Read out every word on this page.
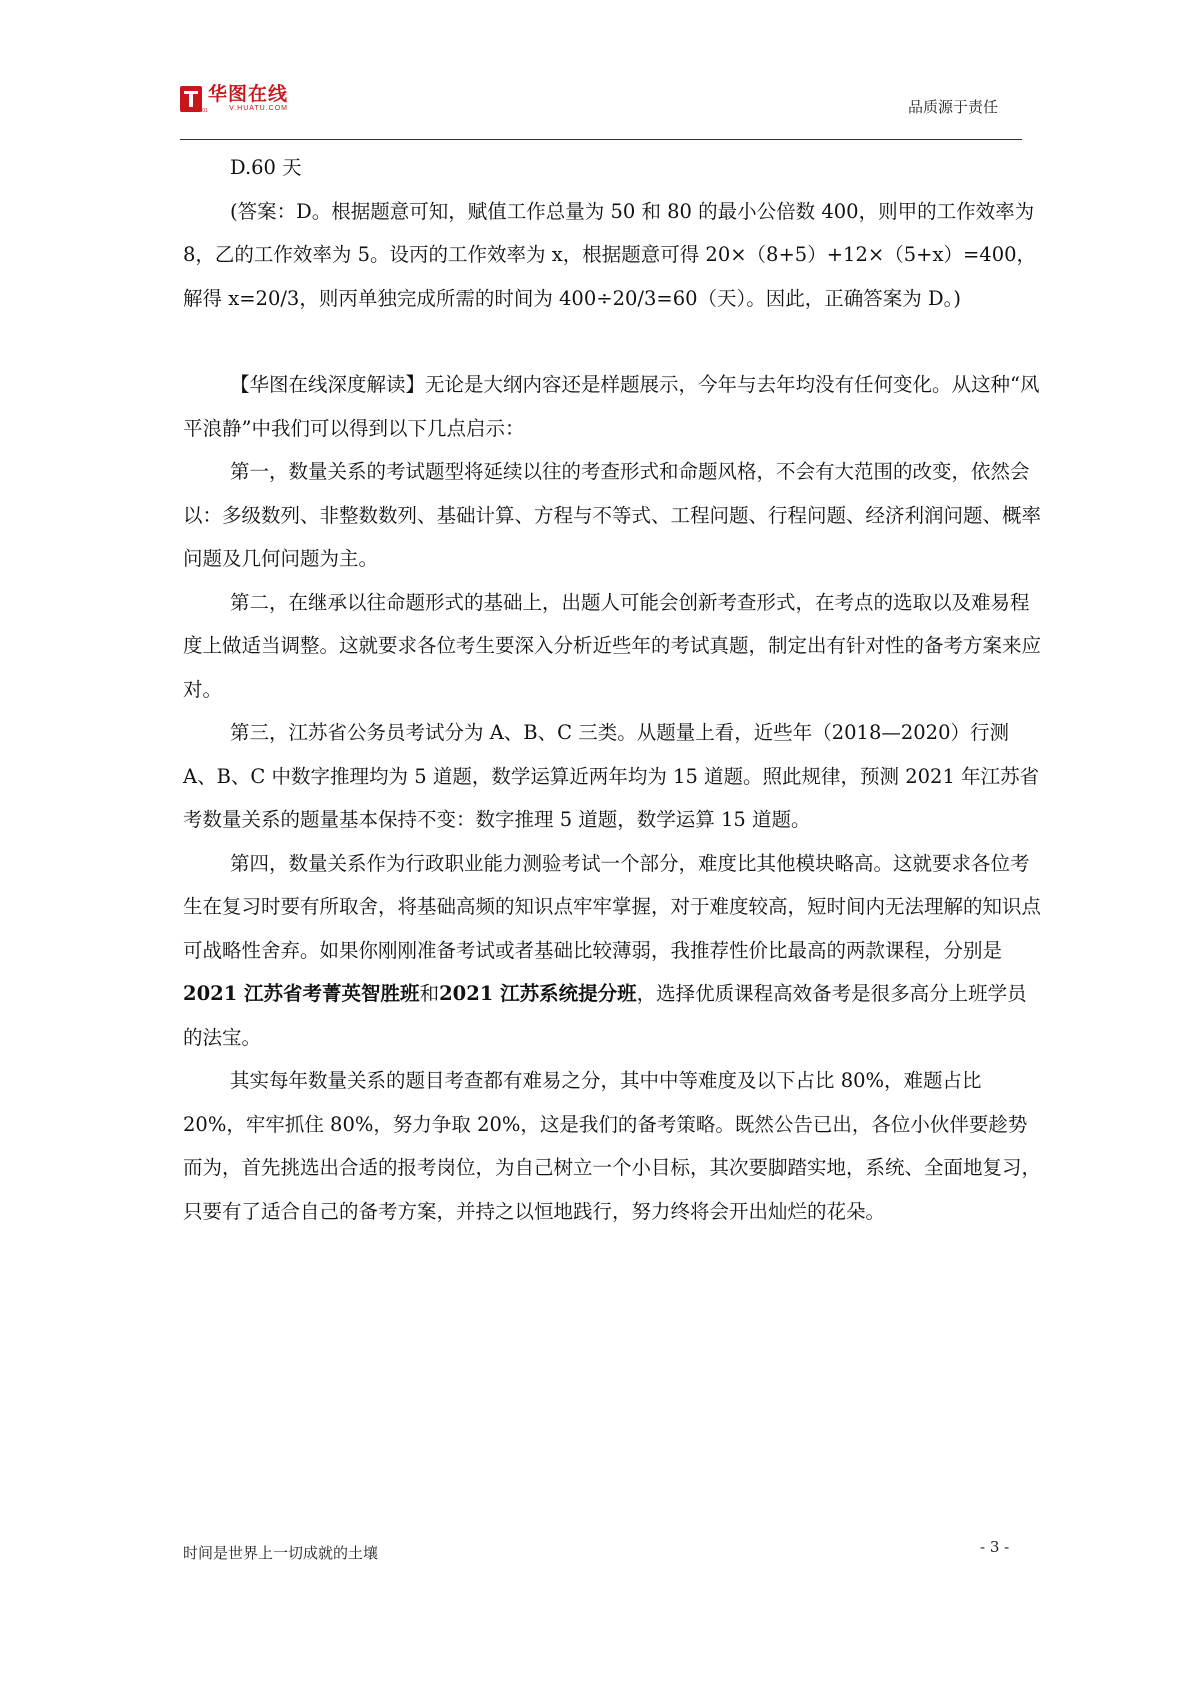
华图在线
V.HUATU.COM
SINCE 2001	品质源于责任

D.60 天

(答案：D。根据题意可知，赋值工作总量为 50 和 80 的最小公倍数 400，则甲的工作效率为 8，乙的工作效率为 5。设丙的工作效率为 x，根据题意可得 20×（8+5）+12×（5+x）=400，解得 x=20/3，则丙单独完成所需的时间为 400÷20/3=60（天）。因此，正确答案为 D。)

【华图在线深度解读】无论是大纲内容还是样题展示，今年与去年均没有任何变化。从这种“风平浪静”中我们可以得到以下几点启示：

第一，数量关系的考试题型将延续以往的考查形式和命题风格，不会有大范围的改变，依然会以：多级数列、非整数数列、基础计算、方程与不等式、工程问题、行程问题、经济利润问题、概率问题及几何问题为主。

第二，在继承以往命题形式的基础上，出题人可能会创新考查形式，在考点的选取以及难易程度上做适当调整。这就要求各位考生要深入分析近些年的考试真题，制定出有针对性的备考方案来应对。

第三，江苏省公务员考试分为 A、B、C 三类。从题量上看，近些年（2018—2020）行测 A、B、C 中数字推理均为 5 道题，数学运算近两年均为 15 道题。照此规律，预测 2021 年江苏省考数量关系的题量基本保持不变：数字推理 5 道题，数学运算 15 道题。

第四，数量关系作为行政职业能力测验考试一个部分，难度比其他模块略高。这就要求各位考生在复习时要有所取舍，将基础高频的知识点牢牢掌握，对于难度较高，短时间内无法理解的知识点可战略性舍弃。如果你刚刚准备考试或者基础比较薄弱，我推荐性价比最高的两款课程，分别是2021 江苏省考菁英智胜班和2021 江苏系统提分班，选择优质课程高效备考是很多高分上班学员的法宝。

其实每年数量关系的题目考查都有难易之分，其中中等难度及以下占比 80%，难题占比 20%，牢牢抓住 80%，努力争取 20%，这是我们的备考策略。既然公告已出，各位小伙伴要趁势而为，首先挑选出合适的报考岗位，为自己树立一个小目标，其次要脚踏实地，系统、全面地复习，只要有了适合自己的备考方案，并持之以恒地践行，努力终将会开出灿烂的花朵。

时间是世界上一切成就的土壤	- 3 -
